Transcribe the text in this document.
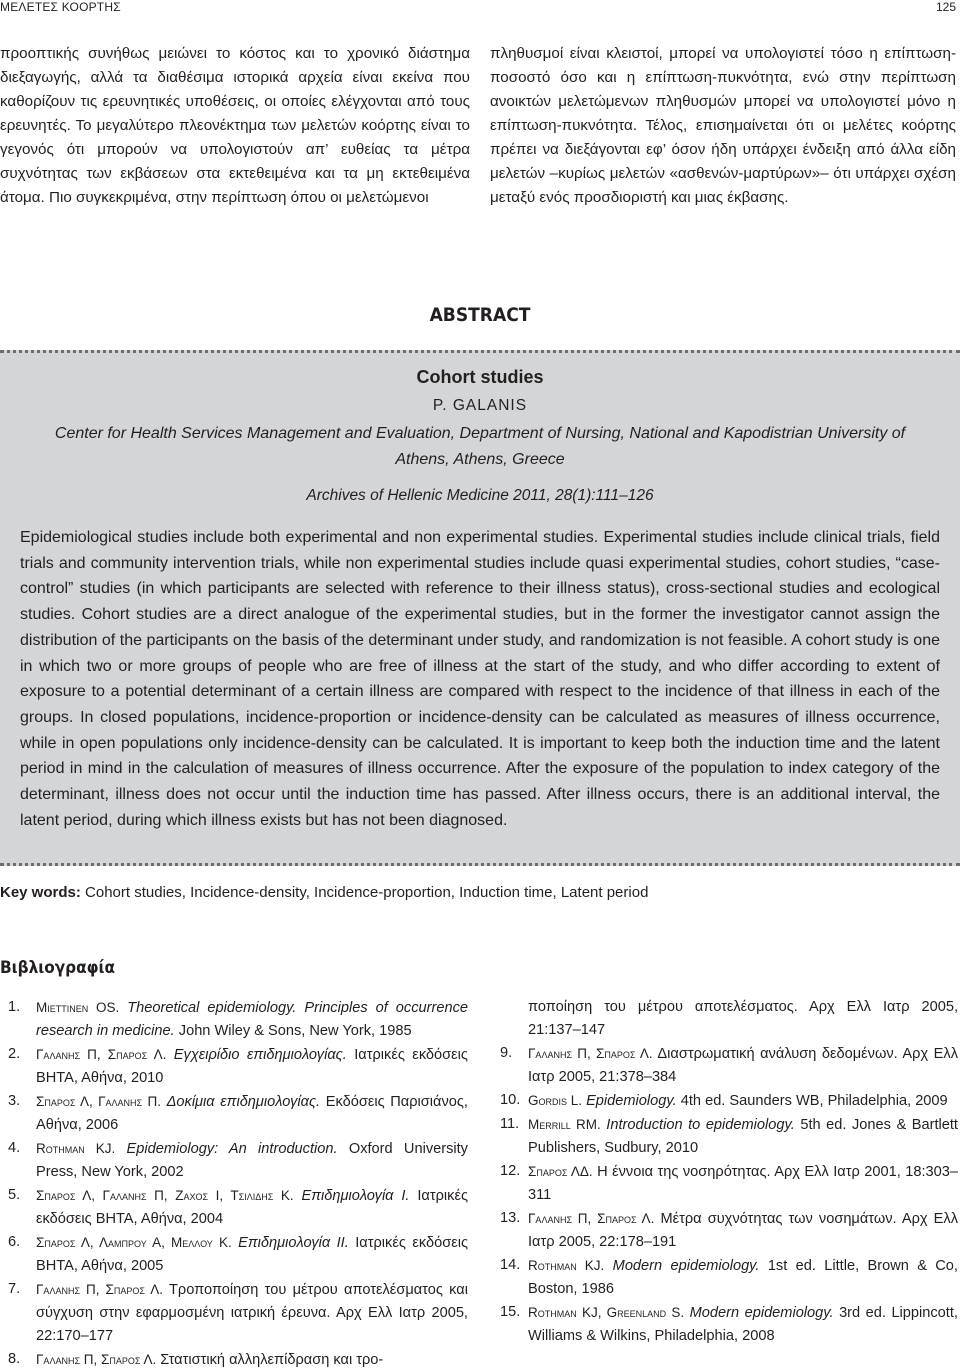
ΜΕΛΕΤΕΣ ΚΟΟΡΤΗΣ	125
προοπτικής συνήθως μειώνει το κόστος και το χρονικό διάστημα διεξαγωγής, αλλά τα διαθέσιμα ιστορικά αρχεία είναι εκείνα που καθορίζουν τις ερευνητικές υποθέσεις, οι οποίες ελέγχονται από τους ερευνητές. Το μεγαλύτερο πλεονέκτημα των μελετών κοόρτης είναι το γεγονός ότι μπορούν να υπολογιστούν απ’ ευθείας τα μέτρα συχνότητας των εκβάσεων στα εκτεθειμένα και τα μη εκτεθειμένα άτομα. Πιο συγκεκριμένα, στην περίπτωση όπου οι μελετώμενοι
πληθυσμοί είναι κλειστοί, μπορεί να υπολογιστεί τόσο η επίπτωση-ποσοστό όσο και η επίπτωση-πυκνότητα, ενώ στην περίπτωση ανοικτών μελετώμενων πληθυσμών μπορεί να υπολογιστεί μόνο η επίπτωση-πυκνότητα. Τέλος, επισημαίνεται ότι οι μελέτες κοόρτης πρέπει να διεξάγονται εφ’ όσον ήδη υπάρχει ένδειξη από άλλα είδη μελετών –κυρίως μελετών «ασθενών-μαρτύρων»– ότι υπάρχει σχέση μεταξύ ενός προσδιοριστή και μιας έκβασης.
ABSTRACT
Cohort studies
P. GALANIS
Center for Health Services Management and Evaluation, Department of Nursing, National and Kapodistrian University of Athens, Athens, Greece
Archives of Hellenic Medicine 2011, 28(1):111–126
Epidemiological studies include both experimental and non experimental studies. Experimental studies include clinical trials, field trials and community intervention trials, while non experimental studies include quasi experimental studies, cohort studies, “case-control” studies (in which participants are selected with reference to their illness status), cross-sectional studies and ecological studies. Cohort studies are a direct analogue of the experimental studies, but in the former the investigator cannot assign the distribution of the participants on the basis of the determinant under study, and randomization is not feasible. A cohort study is one in which two or more groups of people who are free of illness at the start of the study, and who differ according to extent of exposure to a potential determinant of a certain illness are compared with respect to the incidence of that illness in each of the groups. In closed populations, incidence-proportion or incidence-density can be calculated as measures of illness occurrence, while in open populations only incidence-density can be calculated. It is important to keep both the induction time and the latent period in mind in the calculation of measures of illness occurrence. After the exposure of the population to index category of the determinant, illness does not occur until the induction time has passed. After illness occurs, there is an additional interval, the latent period, during which illness exists but has not been diagnosed.
Key words: Cohort studies, Incidence-density, Incidence-proportion, Induction time, Latent period
Βιβλιογραφία
1. Miettinen OS. Theoretical epidemiology. Principles of occurrence research in medicine. John Wiley & Sons, New York, 1985
2. Γαλανης Π, Σπαρος Λ. Εγχειρίδιο επιδημιολογίας. Ιατρικές εκδόσεις ΒΗΤΑ, Αθήνα, 2010
3. Σπαρος Λ, Γαλανης Π. Δοκίμια επιδημιολογίας. Εκδόσεις Παρισιάνος, Αθήνα, 2006
4. Rothman KJ. Epidemiology: An introduction. Oxford University Press, New York, 2002
5. Σπαρος Λ, Γαλανης Π, Ζαχος Ι, Τσιλιδης Κ. Επιδημιολογία I. Ιατρικές εκδόσεις ΒΗΤΑ, Αθήνα, 2004
6. Σπαρος Λ, Λαμπρου Α, Μελλου Κ. Επιδημιολογία II. Ιατρικές εκδόσεις ΒΗΤΑ, Αθήνα, 2005
7. Γαλανης Π, Σπαρος Λ. Τροποποίηση του μέτρου αποτελέσματος και σύγχυση στην εφαρμοσμένη ιατρική έρευνα. Αρχ Ελλ Ιατρ 2005, 22:170–177
8. Γαλανης Π, Σπαρος Λ. Στατιστική αλληλεπίδραση και τρο-
ποποίηση του μέτρου αποτελέσματος. Αρχ Ελλ Ιατρ 2005, 21:137–147
9. Γαλανης Π, Σπαρος Λ. Διαστρωματική ανάλυση δεδομένων. Αρχ Ελλ Ιατρ 2005, 21:378–384
10. Gordis L. Epidemiology. 4th ed. Saunders WB, Philadelphia, 2009
11. Merrill RM. Introduction to epidemiology. 5th ed. Jones & Bartlett Publishers, Sudbury, 2010
12. Σπαρος ΛΔ. Η έννοια της νοσηρότητας. Αρχ Ελλ Ιατρ 2001, 18:303–311
13. Γαλανης Π, Σπαρος Λ. Μέτρα συχνότητας των νοσημάτων. Αρχ Ελλ Ιατρ 2005, 22:178–191
14. Rothman KJ. Modern epidemiology. 1st ed. Little, Brown & Co, Boston, 1986
15. Rothman KJ, Greenland S. Modern epidemiology. 3rd ed. Lippincott, Williams & Wilkins, Philadelphia, 2008
